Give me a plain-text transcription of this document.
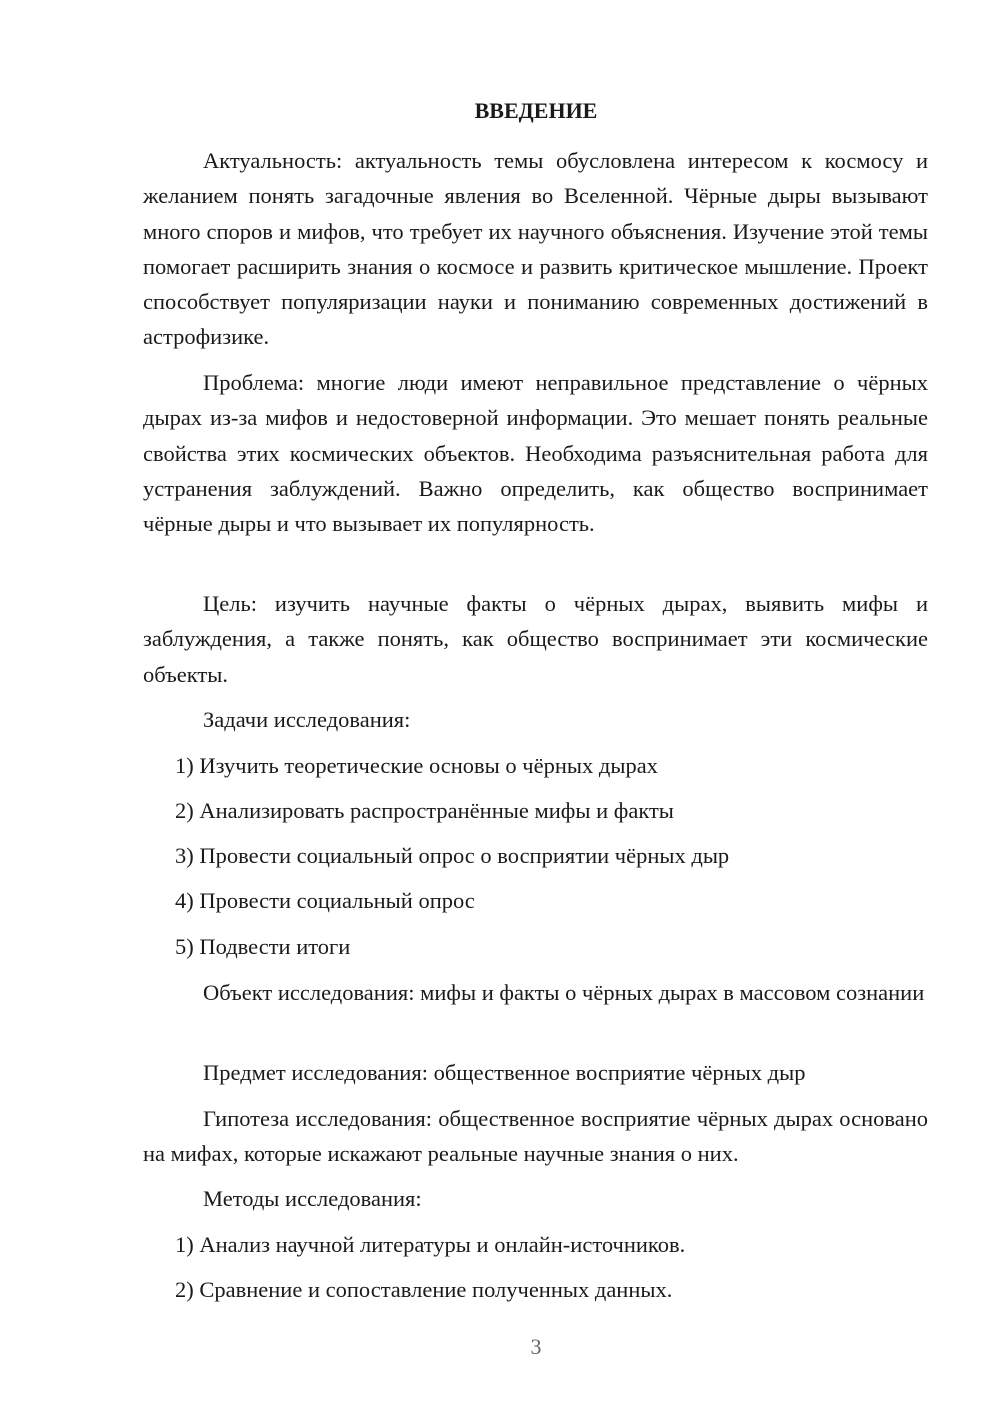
ВВЕДЕНИЕ

Актуальность: актуальность темы обусловлена интересом к космосу и желанием понять загадочные явления во Вселенной. Чёрные дыры вызывают много споров и мифов, что требует их научного объяснения. Изучение этой темы помогает расширить знания о космосе и развить критическое мышление. Проект способствует популяризации науки и пониманию современных достижений в астрофизике.

Проблема: многие люди имеют неправильное представление о чёрных дырах из-за мифов и недостоверной информации. Это мешает понять реальные свойства этих космических объектов. Необходима разъяснительная работа для устранения заблуждений. Важно определить, как общество воспринимает чёрные дыры и что вызывает их популярность.

Цель: изучить научные факты о чёрных дырах, выявить мифы и заблуждения, а также понять, как общество воспринимает эти космические объекты.

Задачи исследования:

1) Изучить теоретические основы о чёрных дырах

2) Анализировать распространённые мифы и факты

3) Провести социальный опрос о восприятии чёрных дыр

4) Провести социальный опрос

5) Подвести итоги

Объект исследования: мифы и факты о чёрных дырах в массовом сознании

Предмет исследования: общественное восприятие чёрных дыр

Гипотеза исследования: общественное восприятие чёрных дырах основано на мифах, которые искажают реальные научные знания о них.

Методы исследования:

1) Анализ научной литературы и онлайн-источников.

2) Сравнение и сопоставление полученных данных.

3
